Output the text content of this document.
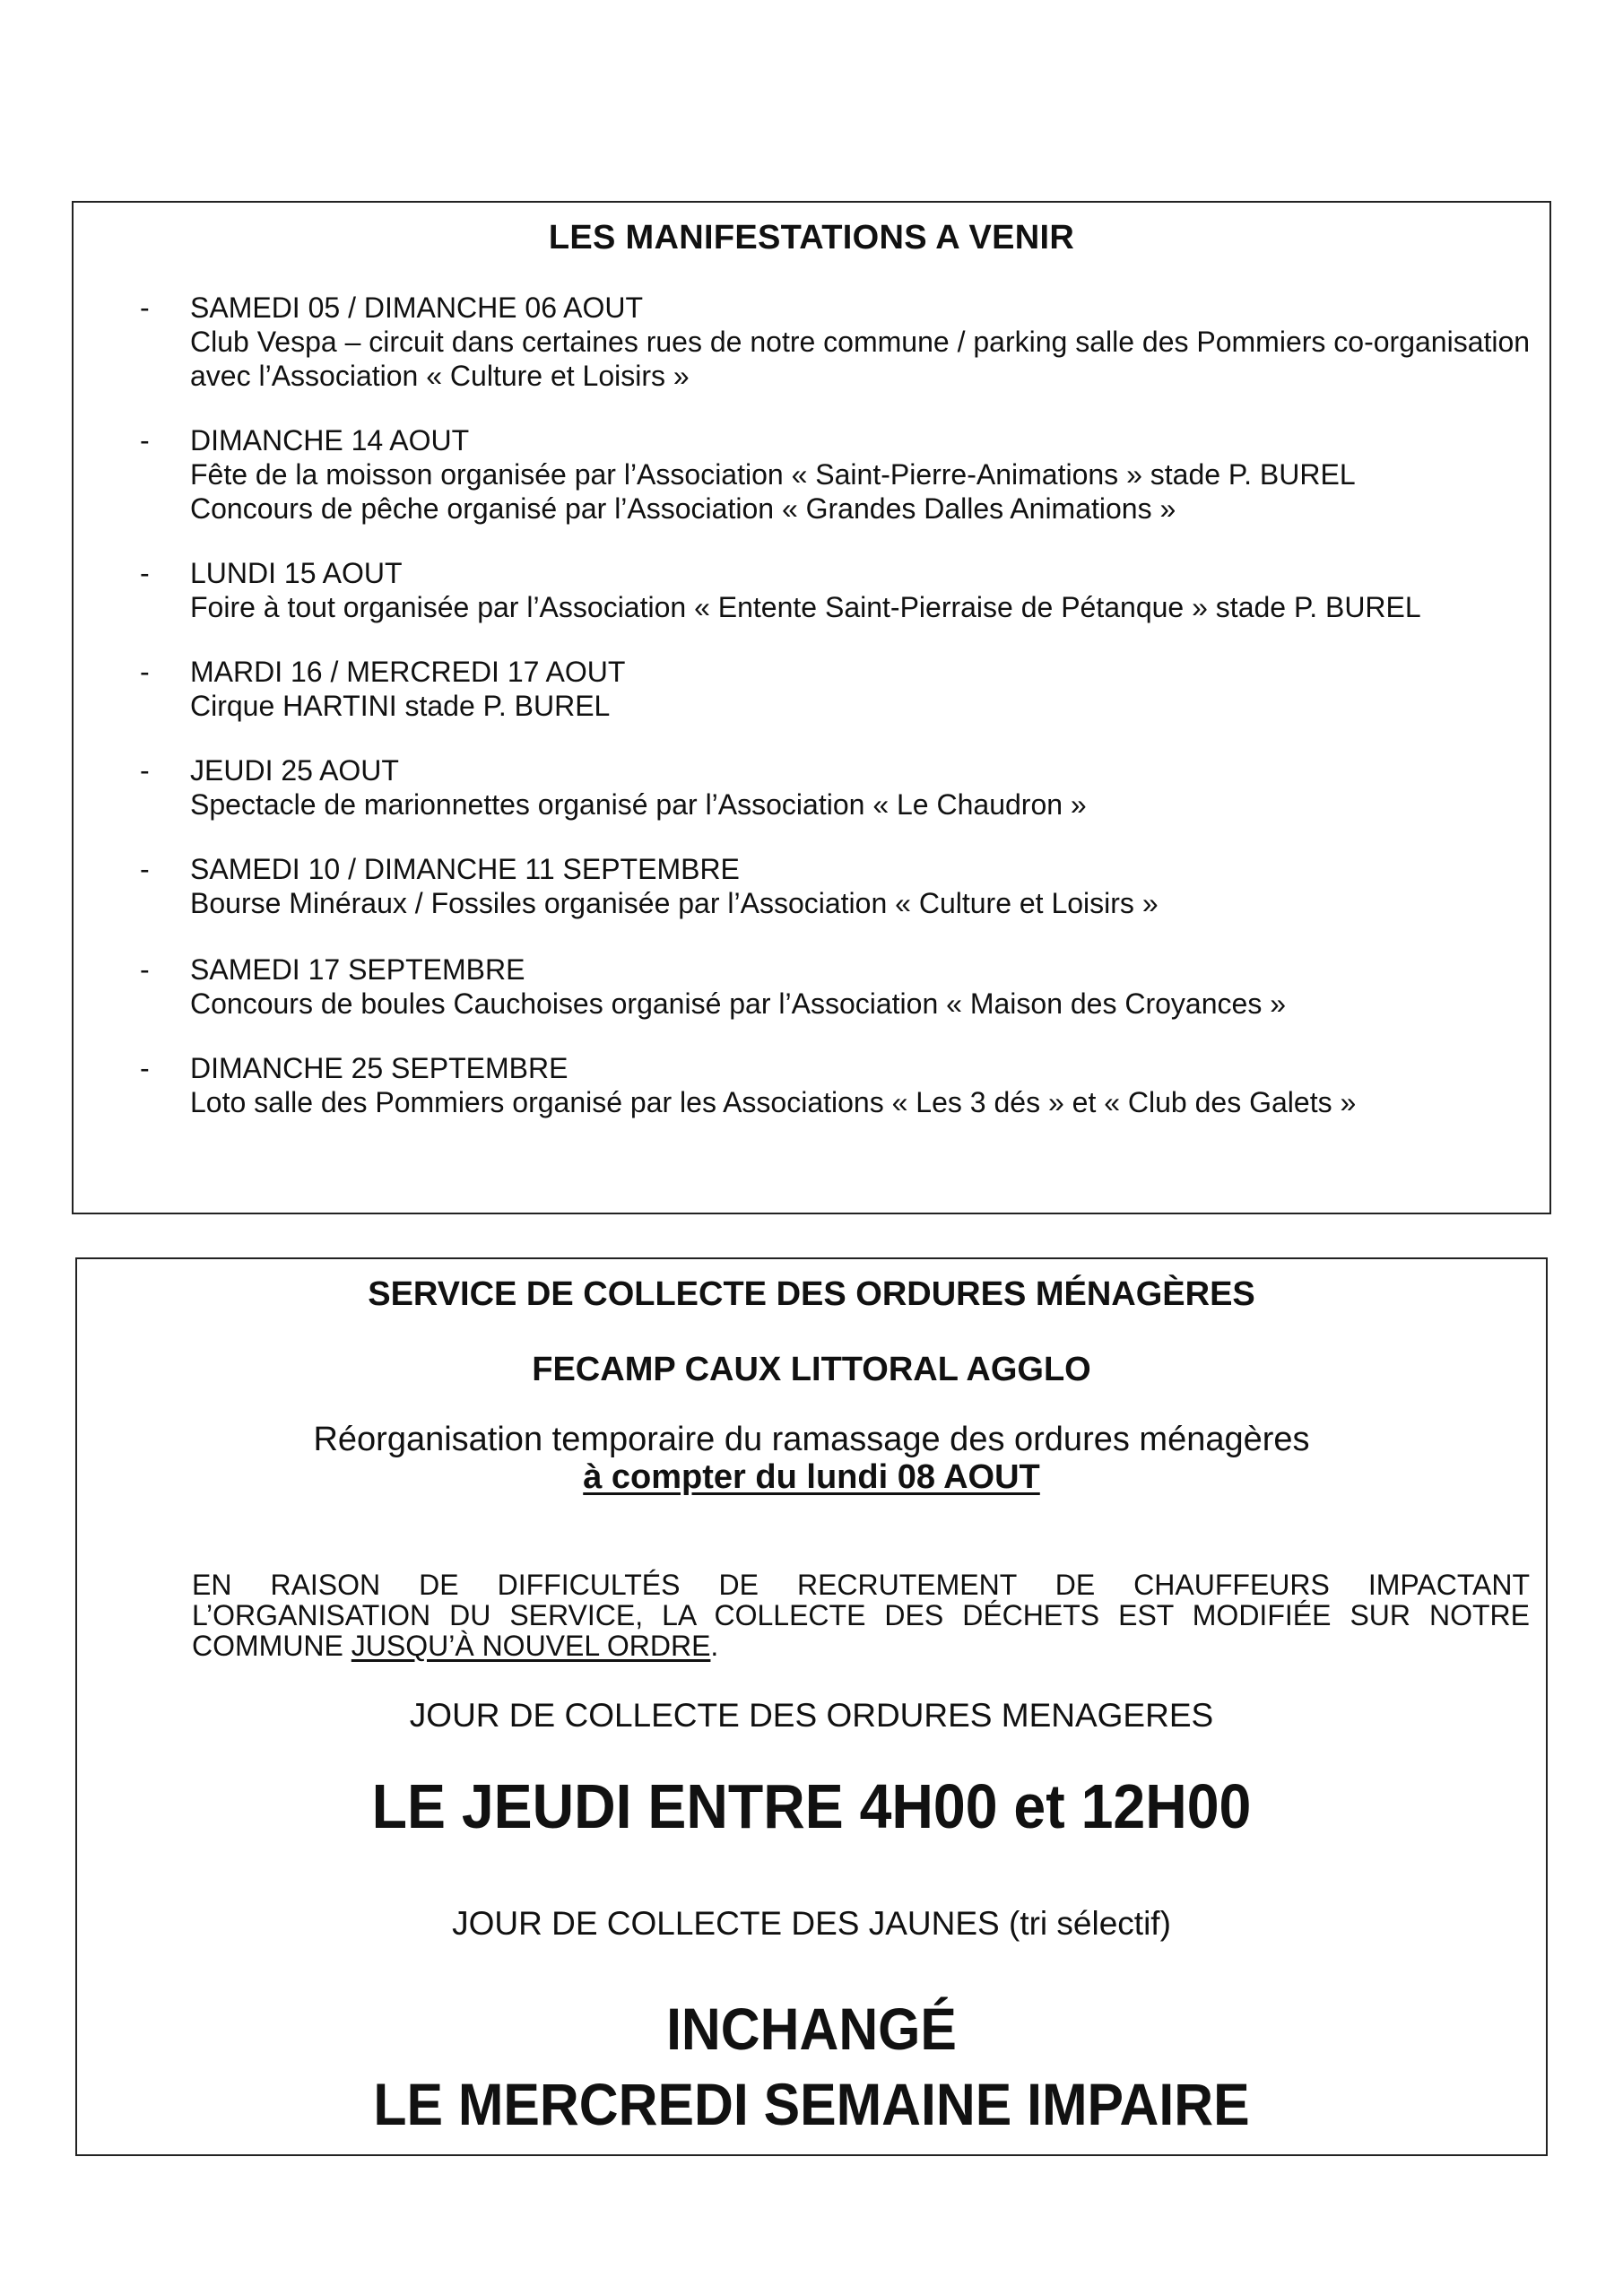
LES MANIFESTATIONS A VENIR
- SAMEDI 05 / DIMANCHE 06 AOUT
Club Vespa – circuit dans certaines rues de notre commune / parking salle des Pommiers co-organisation
avec l’Association « Culture et Loisirs »
- DIMANCHE 14 AOUT
Fête de la moisson organisée par l’Association « Saint-Pierre-Animations » stade P. BUREL
Concours de pêche organisé par l’Association « Grandes Dalles Animations »
- LUNDI 15 AOUT
Foire à tout organisée par l’Association « Entente Saint-Pierraise de Pétanque » stade P. BUREL
- MARDI 16 / MERCREDI 17 AOUT
Cirque HARTINI stade P. BUREL
- JEUDI 25 AOUT
Spectacle de marionnettes organisé par l’Association « Le Chaudron »
- SAMEDI 10 / DIMANCHE 11 SEPTEMBRE
Bourse Minéraux / Fossiles organisée par l’Association « Culture et Loisirs »
- SAMEDI 17 SEPTEMBRE
Concours de boules Cauchoises organisé par l’Association « Maison des Croyances »
- DIMANCHE 25 SEPTEMBRE
Loto salle des Pommiers organisé par les Associations « Les 3 dés » et « Club des Galets »
SERVICE DE COLLECTE DES ORDURES MÉNAGÈRES
FECAMP CAUX LITTORAL AGGLO
Réorganisation temporaire du ramassage des ordures ménagères
à compter du lundi 08 AOUT
EN RAISON DE DIFFICULTÉS DE RECRUTEMENT DE CHAUFFEURS IMPACTANT
L’ORGANISATION DU SERVICE, LA COLLECTE DES DÉCHETS EST MODIFIÉE SUR NOTRE
COMMUNE JUSQU’À NOUVEL ORDRE.
JOUR DE COLLECTE DES ORDURES MENAGERES
LE JEUDI ENTRE 4H00 et 12H00
JOUR DE COLLECTE DES JAUNES (tri sélectif)
INCHANGÉ
LE MERCREDI SEMAINE IMPAIRE
